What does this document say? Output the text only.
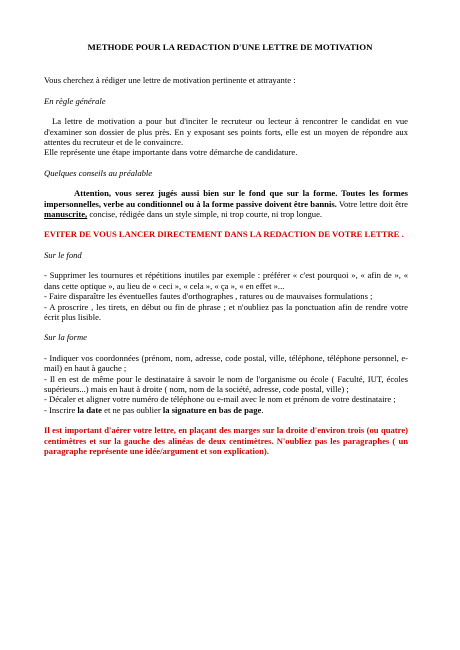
METHODE POUR LA REDACTION D'UNE LETTRE DE MOTIVATION

Vous cherchez à rédiger une lettre de motivation pertinente et attrayante :

En règle générale

La lettre de motivation a pour but d'inciter le recruteur ou lecteur à rencontrer le candidat en vue d'examiner son dossier de plus près. En y exposant ses points forts, elle est un moyen de répondre aux attentes du recruteur et de le convaincre.

Elle représente une étape importante dans votre démarche de candidature.

Quelques conseils au préalable

Attention, vous serez jugés aussi bien sur le fond que sur la forme. Toutes les formes impersonnelles, verbe au conditionnel ou à la forme passive doivent être bannis. Votre lettre doit être manuscrite, concise, rédigée dans un style simple, ni trop courte, ni trop longue.

EVITER DE VOUS LANCER DIRECTEMENT DANS LA REDACTION DE VOTRE LETTRE .

Sur le fond

- Supprimer les tournures et répétitions inutiles par exemple : préférer « c'est pourquoi », « afin de », « dans cette optique », au lieu de « ceci », « cela », « ça », « en effet »...

- Faire disparaître les éventuelles fautes d'orthographes , ratures ou de mauvaises formulations ;

- A proscrire , les tirets, en début ou fin de phrase ; et n'oubliez pas la ponctuation afin de rendre votre écrit plus lisible.

Sur la forme

- Indiquer vos coordonnées (prénom, nom, adresse, code postal, ville, téléphone, téléphone personnel, e-mail) en haut à gauche ;

- Il en est de même pour le destinataire à savoir le nom de l'organisme ou école ( Faculté, IUT, écoles supérieurs...) mais en haut à droite ( nom, nom de la société, adresse, code postal, ville) ;

- Décaler et aligner votre numéro de téléphone ou e-mail avec le nom et prénom de votre destinataire ;

- Inscrire la date et ne pas oublier la signature en bas de page.

Il est important d'aérer votre lettre, en plaçant des marges sur la droite d'environ trois (ou quatre) centimètres et sur la gauche des alinéas de deux centimètres. N'oubliez pas les paragraphes ( un paragraphe représente une idée/argument et son explication).
